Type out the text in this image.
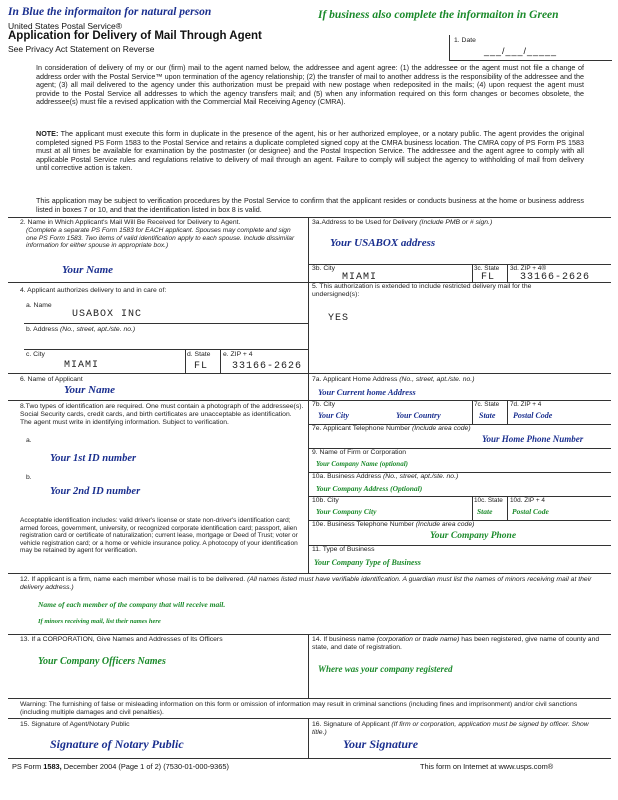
In Blue the informaiton for natural person	If business also complete the informaiton in Green
United States Postal Service®
Application for Delivery of Mail Through Agent
See Privacy Act Statement on Reverse
1. Date
___/___/_____
In consideration of delivery of my or our (firm) mail to the agent named below, the addressee and agent agree: (1) the addressee or the agent must not file a change of address order with the Postal Service™ upon termination of the agency relationship; (2) the transfer of mail to another address is the responsibility of the addressee and the agent; (3) all mail delivered to the agency under this authorization must be prepaid with new postage when redeposited in the mails; (4) upon request the agent must provide to the Postal Service all addresses to which the agency transfers mail; and (5) when any information required on this form changes or becomes obsolete, the addressee(s) must file a revised application with the Commercial Mail Receiving Agency (CMRA).
NOTE: The applicant must execute this form in duplicate in the presence of the agent, his or her authorized employee, or a notary public. The agent provides the original completed signed PS Form 1583 to the Postal Service and retains a duplicate completed signed copy at the CMRA business location. The CMRA copy of PS Form PS 1583 must at all times be available for examination by the postmaster (or designee) and the Postal Inspection Service. The addressee and the agent agree to comply with all applicable Postal Service rules and regulations relative to delivery of mail through an agent. Failure to comply will subject the agency to withholding of mail from delivery until corrective action is taken.
This application may be subject to verification procedures by the Postal Service to confirm that the applicant resides or conducts business at the home or business address listed in boxes 7 or 10, and that the identification listed in box 8 is valid.
2. Name in Which Applicant's Mail Will Be Received for Delivery to Agent.
(Complete a separate PS Form 1583 for EACH applicant. Spouses may complete and sign one PS Form 1583. Two items of valid identification apply to each spouse. Include dissimilar information for either spouse in appropriate box.)
Your Name
3a.Address to be Used for Delivery (Include PMB or # sign.)
Your USABOX address
3b. City
MIAMI
3c. State
FL
3d. ZIP + 4®
33166-2626
4. Applicant authorizes delivery to and in care of:
a. Name
USABOX INC
b. Address (No., street, apt./ste. no.)
c. City
MIAMI
d. State
FL
e. ZIP + 4
33166-2626
5. This authorization is extended to include restricted delivery mail for the undersigned(s):
YES
6. Name of Applicant
Your Name
7a. Applicant Home Address (No., street, apt./ste. no.)
Your Current home Address
7b. City
Your City	Your Country
7c. State
State
7d. ZIP + 4
Postal Code
7e. Applicant Telephone Number (Include area code)
Your Home Phone Number
8.Two types of identification are required. One must contain a photograph of the addressee(s). Social Security cards, credit cards, and birth certificates are unacceptable as identification. The agent must write in identifying information. Subject to verification.
a.
Your 1st ID number
b.
Your 2nd ID number
Acceptable identification includes: valid driver's license or state non-driver's identification card; armed forces, government, university, or recognized corporate identification card; passport, alien registration card or certificate of naturalization; current lease, mortgage or Deed of Trust; voter or vehicle registration card; or a home or vehicle insurance policy. A photocopy of your identification may be retained by agent for verification.
9. Name of Firm or Corporation
Your Company Name (optional)
10a. Business Address (No., street, apt./ste. no.)
Your Company Address (Optional)
10b. City
Your Company City
10c. State
State
10d. ZIP + 4
Postal Code
10e. Business Telephone Number (Include area code)
Your Company Phone
11. Type of Business
Your Company Type of Business
12. If applicant is a firm, name each member whose mail is to be delivered. (All names listed must have verifiable identification. A guardian must list the names of minors receiving mail at their delivery address.)
Name of each member of the company that will receive mail.
If minors receiving mail, list their names here
13. If a CORPORATION, Give Names and Addresses of Its Officers
Your Company Officers Names
14. If business name (corporation or trade name) has been registered, give name of county and state, and date of registration.
Where was your company registered
Warning: The furnishing of false or misleading information on this form or omission of information may result in criminal sanctions (including fines and imprisonment) and/or civil sanctions (including multiple damages and civil penalties).
15. Signature of Agent/Notary Public
Signature of Notary Public
16. Signature of Applicant (If firm or corporation, application must be signed by officer. Show title.)
Your Signature
PS Form 1583, December 2004 (Page 1 of 2) (7530-01-000-9365)	This form on Internet at www.usps.com®
